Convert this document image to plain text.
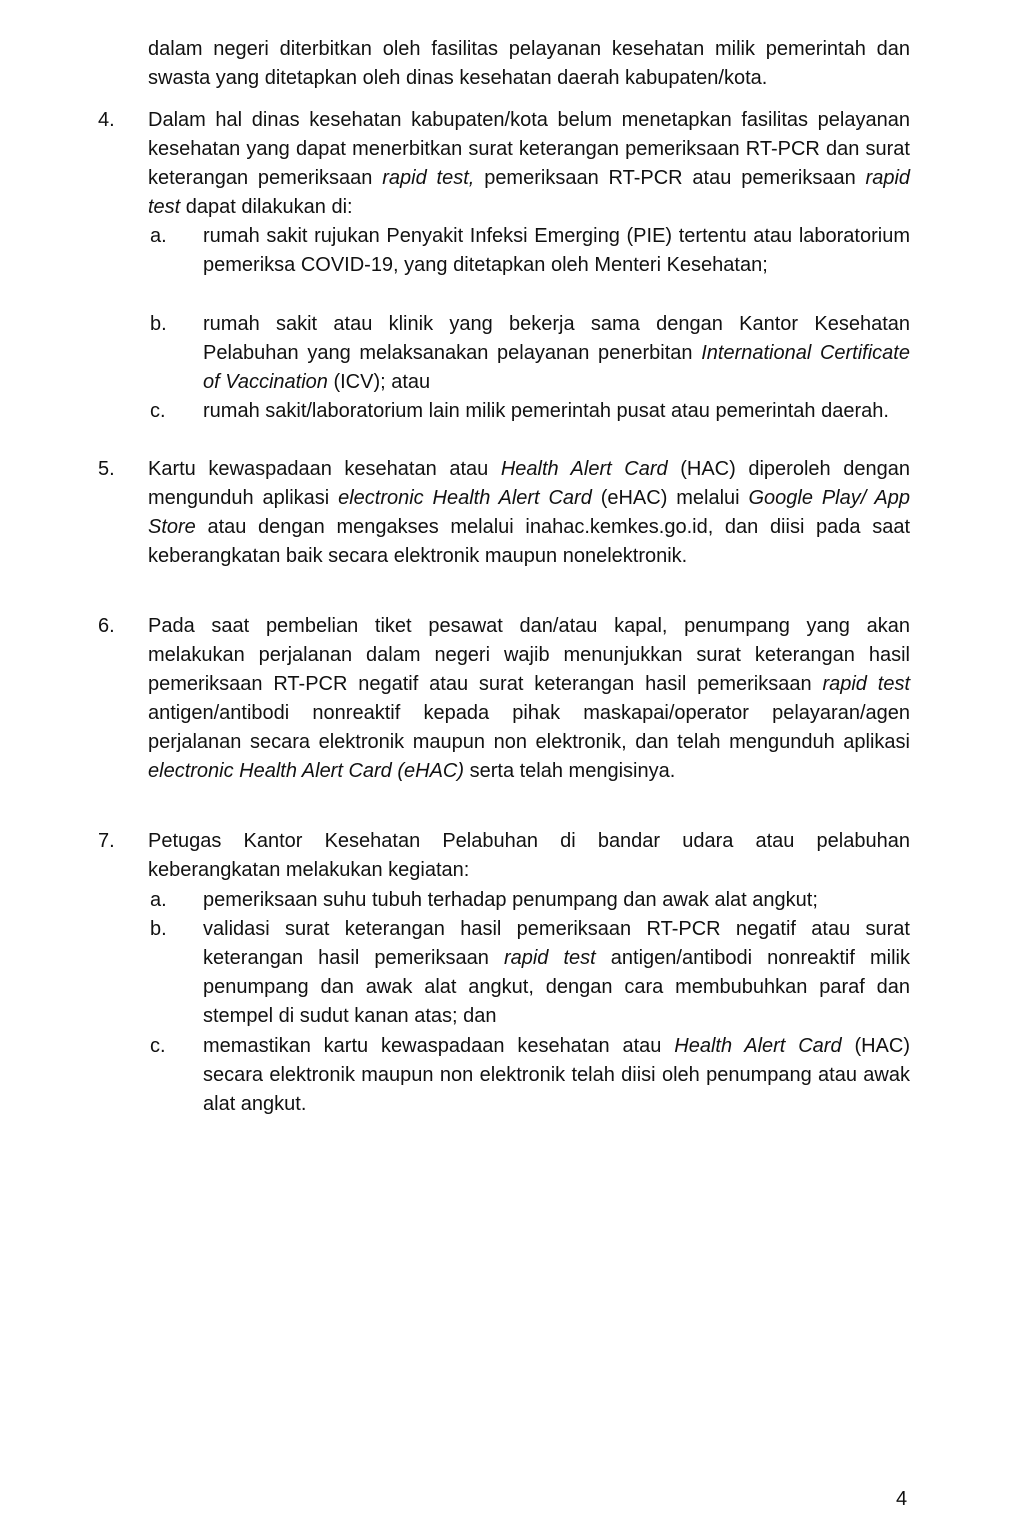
dalam negeri diterbitkan oleh fasilitas pelayanan kesehatan milik pemerintah dan swasta yang ditetapkan oleh dinas kesehatan daerah kabupaten/kota.
4. Dalam hal dinas kesehatan kabupaten/kota belum menetapkan fasilitas pelayanan kesehatan yang dapat menerbitkan surat keterangan pemeriksaan RT-PCR dan surat keterangan pemeriksaan rapid test, pemeriksaan RT-PCR atau pemeriksaan rapid test dapat dilakukan di:
a. rumah sakit rujukan Penyakit Infeksi Emerging (PIE) tertentu atau laboratorium pemeriksa COVID-19, yang ditetapkan oleh Menteri Kesehatan;
b. rumah sakit atau klinik yang bekerja sama dengan Kantor Kesehatan Pelabuhan yang melaksanakan pelayanan penerbitan International Certificate of Vaccination (ICV); atau
c. rumah sakit/laboratorium lain milik pemerintah pusat atau pemerintah daerah.
5. Kartu kewaspadaan kesehatan atau Health Alert Card (HAC) diperoleh dengan mengunduh aplikasi electronic Health Alert Card (eHAC) melalui Google Play/ App Store atau dengan mengakses melalui inahac.kemkes.go.id, dan diisi pada saat keberangkatan baik secara elektronik maupun nonelektronik.
6. Pada saat pembelian tiket pesawat dan/atau kapal, penumpang yang akan melakukan perjalanan dalam negeri wajib menunjukkan surat keterangan hasil pemeriksaan RT-PCR negatif atau surat keterangan hasil pemeriksaan rapid test antigen/antibodi nonreaktif kepada pihak maskapai/operator pelayaran/agen perjalanan secara elektronik maupun non elektronik, dan telah mengunduh aplikasi electronic Health Alert Card (eHAC) serta telah mengisinya.
7. Petugas Kantor Kesehatan Pelabuhan di bandar udara atau pelabuhan keberangkatan melakukan kegiatan:
a. pemeriksaan suhu tubuh terhadap penumpang dan awak alat angkut;
b. validasi surat keterangan hasil pemeriksaan RT-PCR negatif atau surat keterangan hasil pemeriksaan rapid test antigen/antibodi nonreaktif milik penumpang dan awak alat angkut, dengan cara membubuhkan paraf dan stempel di sudut kanan atas; dan
c. memastikan kartu kewaspadaan kesehatan atau Health Alert Card (HAC) secara elektronik maupun non elektronik telah diisi oleh penumpang atau awak alat angkut.
4
